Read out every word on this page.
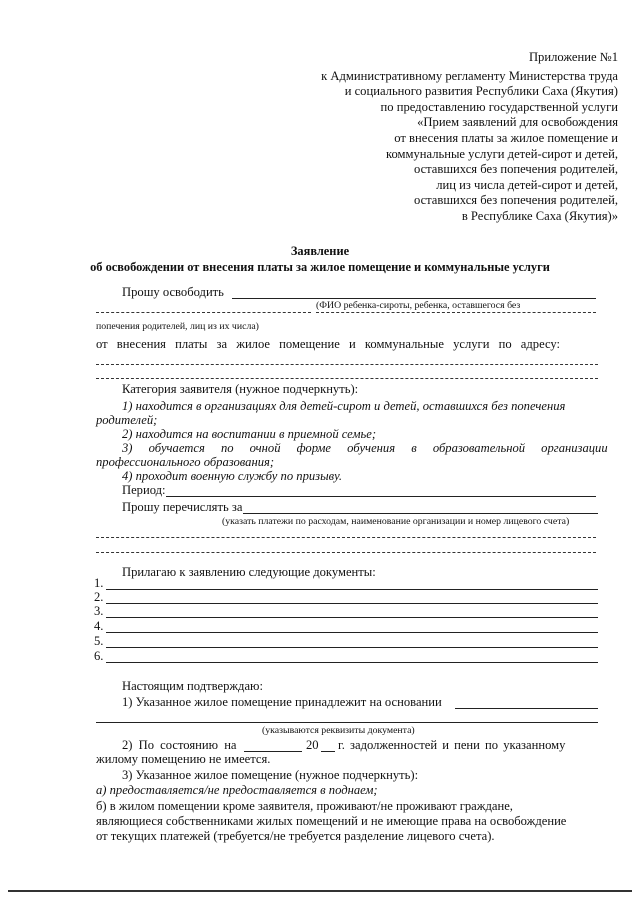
Приложение №1
к Административному регламенту Министерства труда
и социального развития Республики Саха (Якутия)
по предоставлению государственной услуги
«Прием заявлений для освобождения
от внесения платы за жилое помещение и
коммунальные услуги детей-сирот и детей,
оставшихся без попечения родителей,
лиц из числа детей-сирот и детей,
оставшихся без попечения родителей,
в Республике Саха (Якутия)»
Заявление
об освобождении от внесения платы за жилое помещение и коммунальные услуги
Прошу освободить
(ФИО ребенка-сироты, ребенка, оставшегося без
попечения родителей, лиц из их числа)
от внесения платы за жилое помещение и коммунальные услуги по адресу:
Категория заявителя (нужное подчеркнуть):
1) находится в организациях для детей-сирот и детей, оставшихся без попечения
родителей;
2) находится на воспитании в приемной семье;
3) обучается по очной форме обучения в образовательной организации
профессионального образования;
4) проходит военную службу по призыву.
Период:
Прошу перечислять за
(указать платежи по расходам, наименование организации и номер лицевого счета)
Прилагаю к заявлению следующие документы:
1.
2.
3.
4.
5.
6.
Настоящим подтверждаю:
1) Указанное жилое помещение принадлежит на основании
(указываются реквизиты документа)
2) По состоянию на	20 г. задолженностей и пени по указанному
жилому помещению не имеется.
3) Указанное жилое помещение (нужное подчеркнуть):
а) предоставляется/не предоставляется в поднаем;
б) в жилом помещении кроме заявителя, проживают/не проживают граждане,
являющиеся собственниками жилых помещений и не имеющие права на освобождение
от текущих платежей (требуется/не требуется разделение лицевого счета).
